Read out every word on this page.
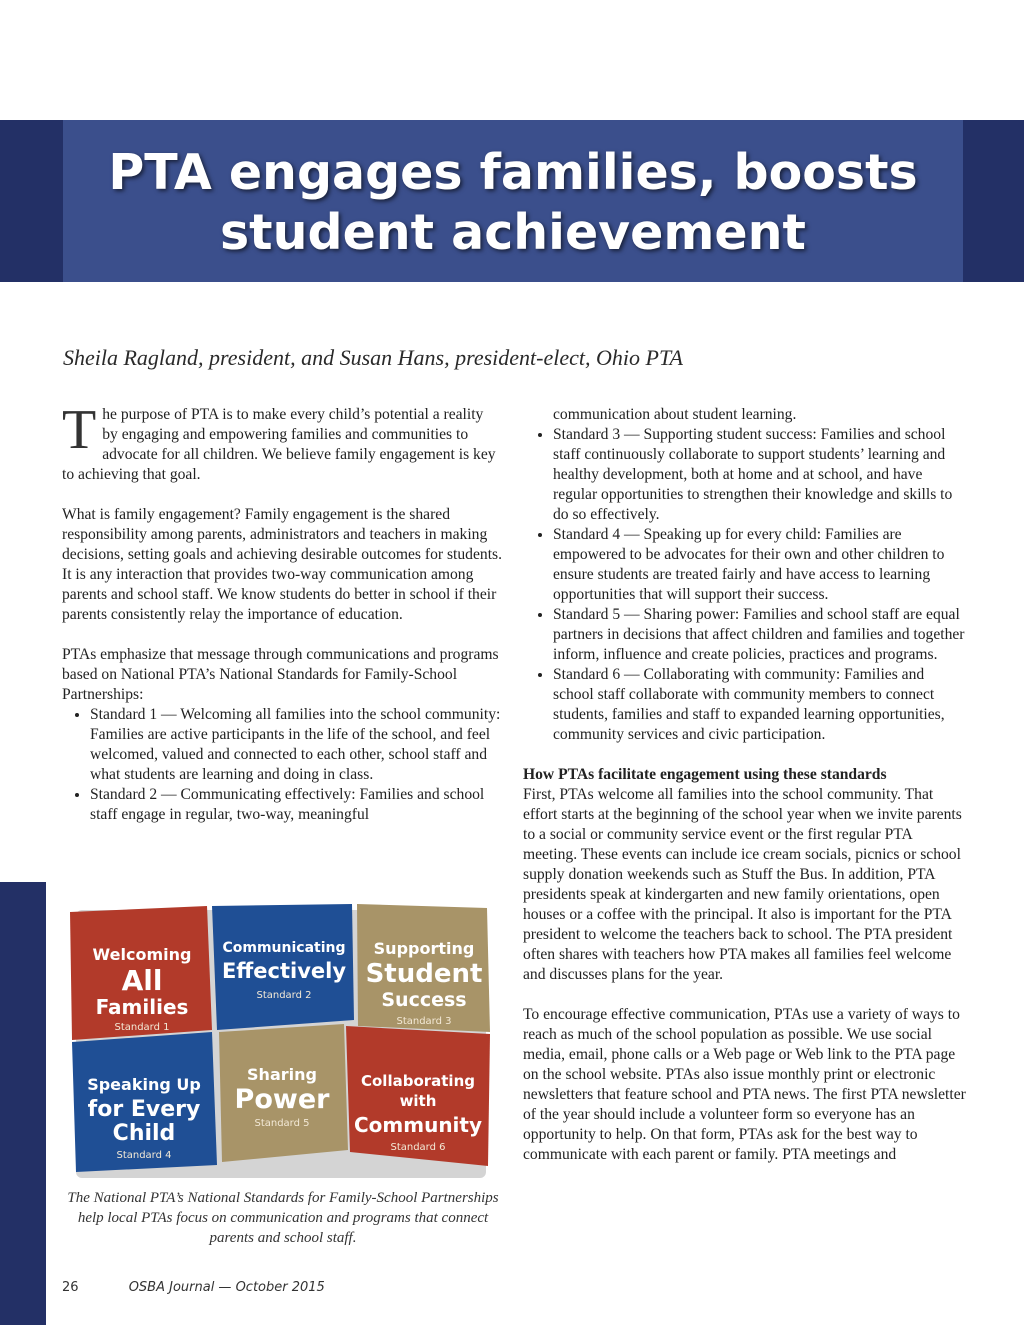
PTA engages families, boosts student achievement

Sheila Ragland, president, and Susan Hans, president-elect, Ohio PTA

The purpose of PTA is to make every child’s potential a reality by engaging and empowering families and communities to advocate for all children. We believe family engagement is key to achieving that goal.

What is family engagement? Family engagement is the shared responsibility among parents, administrators and teachers in making decisions, setting goals and achieving desirable outcomes for students. It is any interaction that provides two-way communication among parents and school staff. We know students do better in school if their parents consistently relay the importance of education.

PTAs emphasize that message through communications and programs based on National PTA’s National Standards for Family-School Partnerships:

• Standard 1 — Welcoming all families into the school community: Families are active participants in the life of the school, and feel welcomed, valued and connected to each other, school staff and what students are learning and doing in class.
• Standard 2 — Communicating effectively: Families and school staff engage in regular, two-way, meaningful
communication about student learning.
• Standard 3 — Supporting student success: Families and school staff continuously collaborate to support students’ learning and healthy development, both at home and at school, and have regular opportunities to strengthen their knowledge and skills to do so effectively.
• Standard 4 — Speaking up for every child: Families are empowered to be advocates for their own and other children to ensure students are treated fairly and have access to learning opportunities that will support their success.
• Standard 5 — Sharing power: Families and school staff are equal partners in decisions that affect children and families and together inform, influence and create policies, practices and programs.
• Standard 6 — Collaborating with community: Families and school staff collaborate with community members to connect students, families and staff to expanded learning opportunities, community services and civic participation.

How PTAs facilitate engagement using these standards

First, PTAs welcome all families into the school community. That effort starts at the beginning of the school year when we invite parents to a social or community service event or the first regular PTA meeting. These events can include ice cream socials, picnics or school supply donation weekends such as Stuff the Bus. In addition, PTA presidents speak at kindergarten and new family orientations, open houses or a coffee with the principal. It also is important for the PTA president to welcome the teachers back to school. The PTA president often shares with teachers how PTA makes all families feel welcome and discusses plans for the year.

To encourage effective communication, PTAs use a variety of ways to reach as much of the school population as possible. We use social media, email, phone calls or a Web page or Web link to the PTA page on the school website. PTAs also issue monthly print or electronic newsletters that feature school and PTA news. The first PTA newsletter of the year should include a volunteer form so everyone has an opportunity to help. On that form, PTAs ask for the best way to communicate with each parent or family. PTA meetings and

Welcoming
All
Families
Standard 1
Communicating
Effectively
Standard 2
Supporting
Student
Success
Standard 3
Speaking Up
for Every
Child
Standard 4
Sharing
Power
Standard 5
Collaborating
with
Community
Standard 6

The National PTA’s National Standards for Family-School Partnerships help local PTAs focus on communication and programs that connect parents and school staff.

26	OSBA Journal — October 2015
